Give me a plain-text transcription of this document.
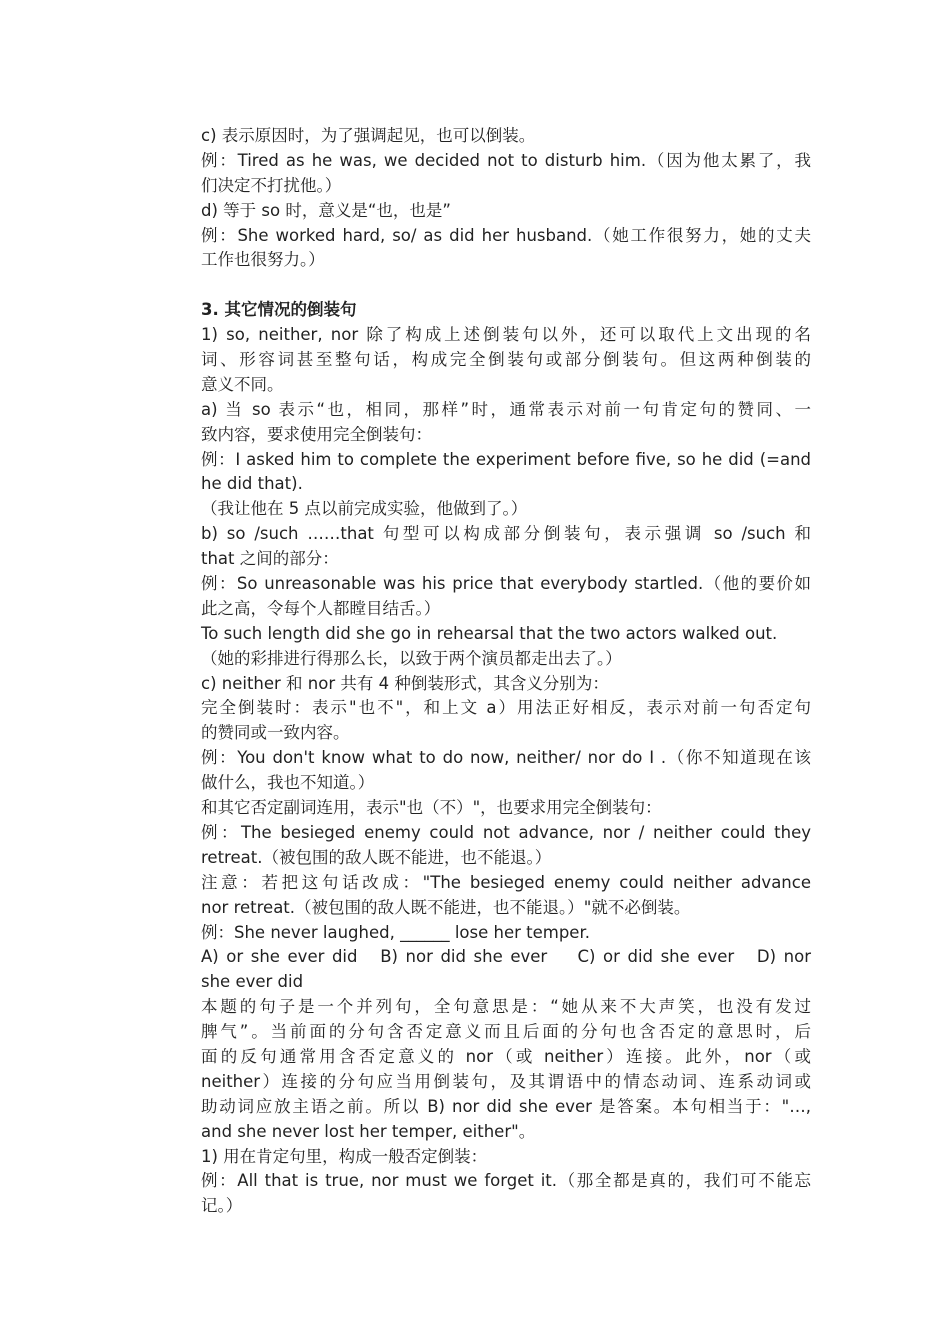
c) 表示原因时，为了强调起见，也可以倒装。
例：Tired as he was, we decided not to disturb him.（因为他太累了，我
们决定不打扰他。）
d) 等于 so 时，意义是“也，也是”
例：She worked hard, so/ as did her husband.（她工作很努力，她的丈夫
工作也很努力。）
3. 其它情况的倒装句
1) so, neither, nor 除了构成上述倒装句以外，还可以取代上文出现的名
词、形容词甚至整句话，构成完全倒装句或部分倒装句。但这两种倒装的
意义不同。
a) 当 so 表示“也，相同，那样”时，通常表示对前一句肯定句的赞同、一
致内容，要求使用完全倒装句：
例：I asked him to complete the experiment before five, so he did (=and
he did that).
（我让他在 5 点以前完成实验，他做到了。）
b) so /such ……that 句型可以构成部分倒装句，表示强调 so /such 和
that 之间的部分：
例：So unreasonable was his price that everybody startled.（他的要价如
此之高，令每个人都瞠目结舌。）
To such length did she go in rehearsal that the two actors walked out.
（她的彩排进行得那么长，以致于两个演员都走出去了。）
c) neither 和 nor 共有 4 种倒装形式，其含义分别为：
完全倒装时：表示"也不"，和上文 a）用法正好相反，表示对前一句否定句
的赞同或一致内容。
例：You don't know what to do now, neither/ nor do I .（你不知道现在该
做什么，我也不知道。）
和其它否定副词连用，表示"也（不）"，也要求用完全倒装句：
例：The besieged enemy could not advance, nor / neither could they
retreat.（被包围的敌人既不能进，也不能退。）
注意：若把这句话改成："The besieged enemy could neither advance
nor retreat.（被包围的敌人既不能进，也不能退。）"就不必倒装。
例：She never laughed, ______ lose her temper.
A) or she ever did   B) nor did she ever    C) or did she ever   D) nor
she ever did
本题的句子是一个并列句，全句意思是：“她从来不大声笑，也没有发过
脾气”。当前面的分句含否定意义而且后面的分句也含否定的意思时，后
面的反句通常用含否定意义的 nor（或 neither）连接。此外，nor（或
neither）连接的分句应当用倒装句，及其谓语中的情态动词、连系动词或
助动词应放主语之前。所以 B) nor did she ever 是答案。本句相当于："…,
and she never lost her temper, either"。
1) 用在肯定句里，构成一般否定倒装：
例：All that is true, nor must we forget it.（那全都是真的，我们可不能忘
记。）
